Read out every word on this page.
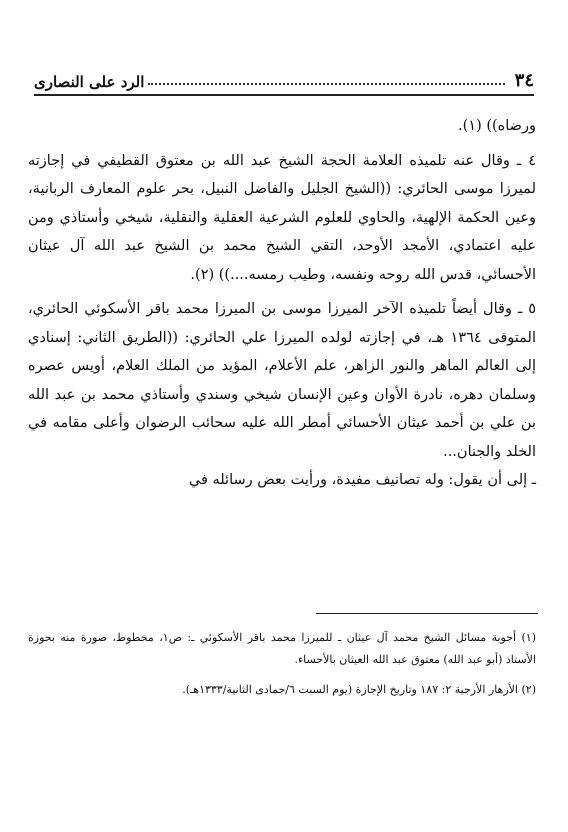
٣٤
الرد على النصارى

ورضاه)) (١).

٤ ـ وقال عنه تلميذه العلامة الحجة الشيخ عبد الله بن معتوق القطيفي في إجازته لميرزا موسى الحائري: ((الشيخ الجليل والفاضل النبيل، بحر علوم المعارف الربانية، وعين الحكمة الإلهية، والحاوي للعلوم الشرعية العقلية والنقلية، شيخي وأستاذي ومن عليه اعتمادي، الأمجد الأوحد، التقي الشيخ محمد بن الشيخ عبد الله آل عيثان الأحسائي، قدس الله روحه ونفسه، وطيب رمسه....)) (٢).

٥ ـ وقال أيضاً تلميذه الآخر الميرزا موسى بن الميرزا محمد باقر الأسكوئي الحائري، المتوفى ١٣٦٤ هـ، في إجازته لولده الميرزا علي الحائري: ((الطريق الثاني: إسنادي إلى العالم الماهر والنور الزاهر، علم الأعلام، المؤيد من الملك العلام، أويس عصره وسلمان دهره، نادرة الأوان وعين الإنسان شيخي وسندي وأستاذي محمد بن عبد الله بن علي بن أحمد عيثان الأحسائي أمطر الله عليه سحائب الرضوان وأعلى مقامه في الخلد والجنان...

ـ إلى أن يقول: وله تصانيف مفيدة، ورأيت بعض رسائله في

(١) أجوبة مسائل الشيخ محمد آل عيثان ـ للميرزا محمد باقر الأسكوئي ـ: ص١، مخطوط، صورة منه بحوزة الأستاذ (أبو عبد الله) معتوق عبد الله العيثان بالأحساء.

(٢) الأزهار الأرجية ٢: ١٨٧ وتاريخ الإجازة (يوم السبت ٦/جمادى الثانية/١٣٣٣هـ).
